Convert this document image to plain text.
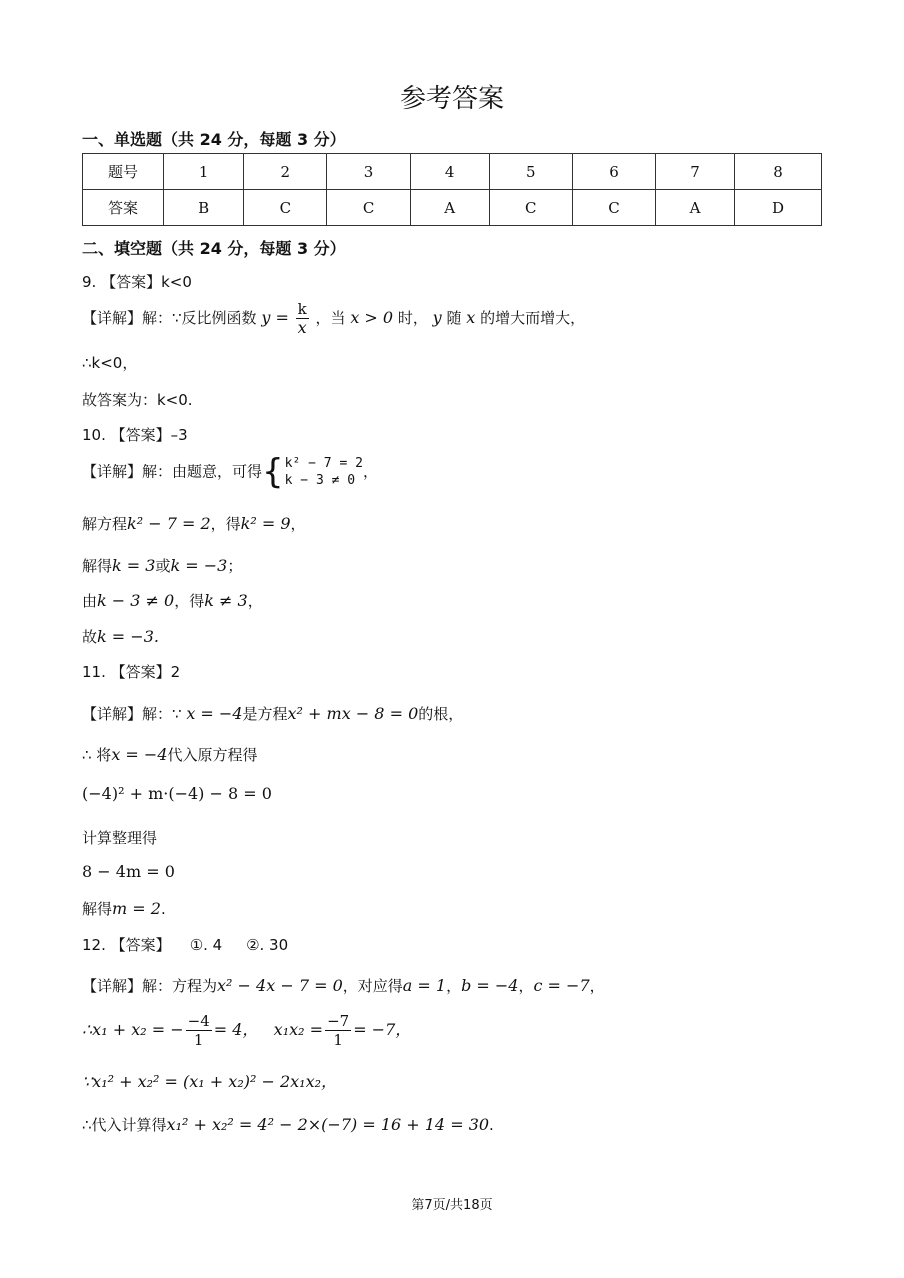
参考答案
一、单选题（共 24 分，每题 3 分）
题号	1	2	3	4	5	6	7	8
答案	B	C	C	A	C	C	A	D
二、填空题（共 24 分，每题 3 分）
9. 【答案】k<0
【详解】解：∵反比例函数 $y = \frac{k}{x}$ ，当 x > 0 时， y 随 x 的增大而增大，
∴k<0，
故答案为：k<0.
10. 【答案】–3
【详解】解：由题意，可得{ k² − 7 = 2
k − 3 ≠ 0 ，
解方程k² − 7 = 2，得k² = 9，
解得k = 3或k = −3；
由k − 3 ≠ 0，得k ≠ 3，
故k = −3.
11. 【答案】2
【详解】解：∵ x = −4是方程x² + mx − 8 = 0的根，
∴ 将x = −4代入原方程得
(−4)² + m·(−4) − 8 = 0
计算整理得
8 − 4m = 0
解得m = 2.
12. 【答案】    ①. 4     ②. 30
【详解】解：方程为x² − 4x − 7 = 0，对应得a = 1，b = −4，c = −7，
∴x₁ + x₂ = − $\frac{-4}{1} = 4$，   $x_1x_2 = \frac{-7}{1} = -7$，
∵x₁² + x₂² = (x₁ + x₂)² − 2x₁x₂，
∴代入计算得x₁² + x₂² = 4² − 2×(−7) = 16 + 14 = 30.
第7页/共18页
